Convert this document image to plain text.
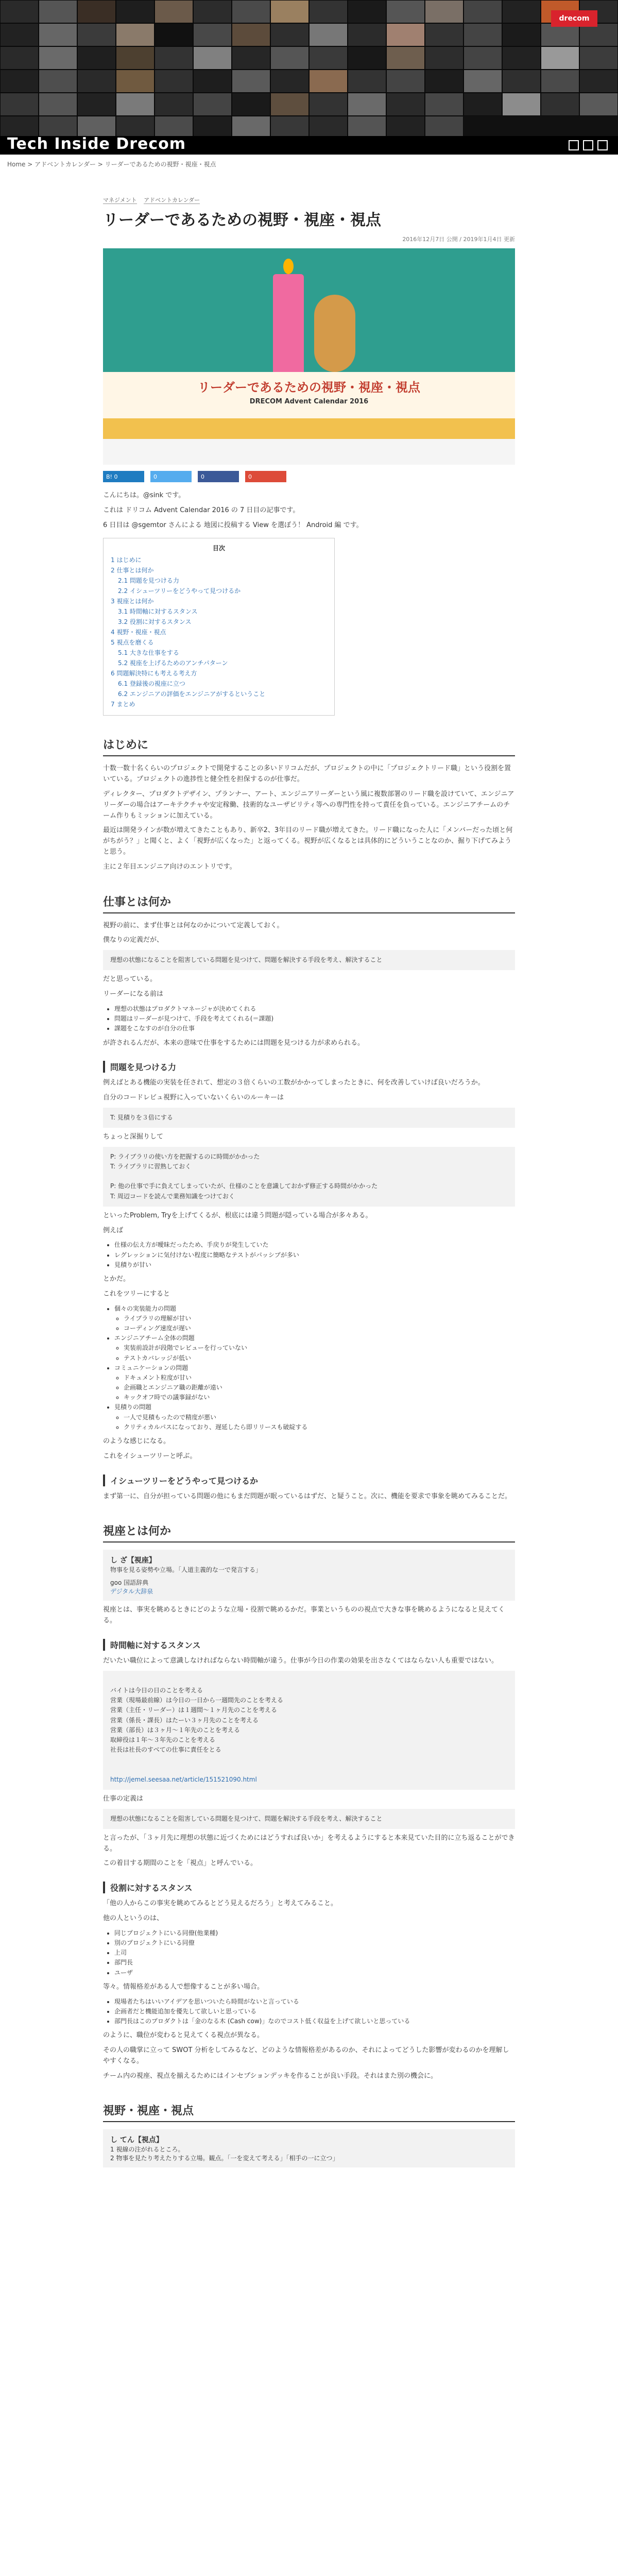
drecom
Tech Inside Drecom
Home > アドベントカレンダー > リーダーであるための視野・視座・視点
マネジメント アドベントカレンダー
リーダーであるための視野・視座・視点
2016年12月7日 公開 / 2019年1月4日 更新
リーダーであるための視野・視座・視点
DRECOM Advent Calendar 2016
B! 0	0	0	0

こんにちは。@sink です。

これは ドリコム Advent Calendar 2016 の 7 日目の記事です。

6 日目は @sgemtor さんによる 地図に投稿する View を選ぼう！ Android 編 です。

目次
1 はじめに
2 仕事とは何か
2.1 問題を見つける力
2.2 イシューツリーをどうやって見つけるか
3 視座とは何か
3.1 時間軸に対するスタンス
3.2 役割に対するスタンス
4 視野・視座・視点
5 視点を磨くる
5.1 大きな仕事をする
5.2 視座を上げるためのアンチパターン
6 問題解決特にも考える考え方
6.1 登録後の視座に立つ
6.2 エンジニアの評価をエンジニアがするということ
7 まとめ
はじめに

十数一数十名くらいのプロジェクトで開発することの多いドリコムだが、プロジェクトの中に「プロジェクトリード職」という役割を置いている。プロジェクトの進捗性と健全性を担保するのが仕事だ。

ディレクター、プロダクトデザイン、プランナー、アート、エンジニアリーダーという風に複数部署のリード職を設けていて、エンジニアリーダーの場合はアーキテクチャや安定稼働、技術的なユーザビリティ等への専門性を持って責任を負っている。エンジニアチームのチーム作りもミッションに加えている。

最近は開発ラインが数が増えてきたこともあり、新卒2、3年目のリード職が増えてきた。リード職になった人に「メンバーだった頃と何がちがう？」と聞くと、よく「視野が広くなった」と返ってくる。視野が広くなるとは具体的にどういうことなのか、掘り下げてみようと思う。

主に２年目エンジニア向けのエントリです。

仕事とは何か

視野の前に、まず仕事とは何なのかについて定義しておく。

僕なりの定義だが、

理想の状態になることを阻害している問題を見つけて、問題を解決する手段を考え、解決すること

だと思っている。

リーダーになる前は

• 理想の状態はプロダクトマネージャが決めてくれる
• 問題はリーダーが見つけて、手段を考えてくれる(＝課題)
• 課題をこなすのが自分の仕事

が許されるんだが、本来の意味で仕事をするためには問題を見つける力が求められる。

問題を見つける力

例えばとある機能の実装を任されて、想定の３倍くらいの工数がかかってしまったときに、何を改善していけば良いだろうか。

自分のコードレビュ視野に入っていないくらいのルーキーは

T: 見積りを３倍にする

ちょっと深掘りして

P: ライブラリの使い方を把握するのに時間がかかった
T: ライブラリに習熟しておく

P: 他の仕事で手に負えてしまっていたが、仕様のことを意識しておかず修正する時間がかかった
T: 周辺コードを読んで業務知識をつけておく

といったProblem, Tryを上げてくるが、根底には違う問題が隠っている場合が多々ある。

例えば

• 仕様の伝え方が曖昧だったため、手戻りが発生していた
• レグレッションに気付けない程度に簡略なテストがパッシブが多い
• 見積りが甘い

とかだ。

これをツリーにすると

• 個々の実装能力の問題
◦ ライブラリの理解が甘い
◦ コーディング速度が遅い
• エンジニアチーム全体の問題
◦ 実装前設計が段階でレビューを行っていない
◦ テストカバレッジが低い
• コミュニケーションの問題
◦ ドキュメント粒度が甘い
◦ 企画職とエンジニア職の距離が遠い
◦ キックオフ時での議事録がない
• 見積りの問題
◦ 一人で見積もったので精度が悪い
◦ クリティカルパスになっており、遅延したら即リリースも破綻する

のような感じになる。

これをイシューツリーと呼ぶ。

イシューツリーをどうやって見つけるか

まず第一に、自分が担っている問題の他にもまだ問題が眠っているはずだ、と疑うこと。次に、機能を要求で事象を眺めてみることだ。

視座とは何か
し ざ【視座】
物事を見る姿勢や立場。「人道主義的な一で発言する」
goo 国語辞典
デジタル大辞泉

視座とは、事実を眺めるときにどのような立場・役割で眺めるかだ。事業というものの視点で大きな事を眺めるようになると見えてくる。

時間軸に対するスタンス

だいたい職位によって意識しなければならない時間軸が違う。仕事が今日の作業の効果を出さなくてはならない人も重要ではない。

バイトは今日の日のことを考える
営業（現場最前線）は今日の一日から一週間先のことを考える
営業（主任・リーダー）は１週間〜１ヶ月先のことを考える
営業（係長・課長）はたーい３ヶ月先のことを考える
営業（部長）は３ヶ月〜１年先のことを考える
取締役は１年〜３年先のことを考える
社長は社長のすべての仕事に責任をとる

http://jemel.seesaa.net/article/151521090.html

仕事の定義は

理想の状態になることを阻害している問題を見つけて、問題を解決する手段を考え、解決すること

と言ったが、「３ヶ月先に理想の状態に近づくためにはどうすれば良いか」を考えるようにすると本来見ていた目的に立ち返ることができる。

この着目する期間のことを「視点」と呼んでいる。

役割に対するスタンス

「他の人からこの事実を眺めてみるとどう見えるだろう」と考えてみること。

他の人というのは、

• 同じプロジェクトにいる同僚(他業種)
• 別のプロジェクトにいる同僚
• 上司
• 部門長
• ユーザ

等々。情報格差がある人で想像することが多い場合。

• 現場者たちはいいアイデアを思いついたら時間がないと言っている
• 企画者だと機能追加を優先して欲しいと思っている
• 部門長はこのプロダクトは「金のなる木 (Cash cow)」なのでコスト低く収益を上げて欲しいと思っている

のように、職位が変わると見えてくる視点が異なる。

その人の職掌に立って SWOT 分析をしてみるなど、どのような情報格差があるのか、それによってどうした影響が変わるのかを理解しやすくなる。

チーム内の視座、視点を揃えるためにはインセプションデッキを作ることが良い手段。それはまた別の機会に。

視野・視座・視点
し てん【視点】
1 視線の注がれるところ。
2 物事を見たり考えたりする立場。観点。「一を変えて考える」「相手の一に立つ」
